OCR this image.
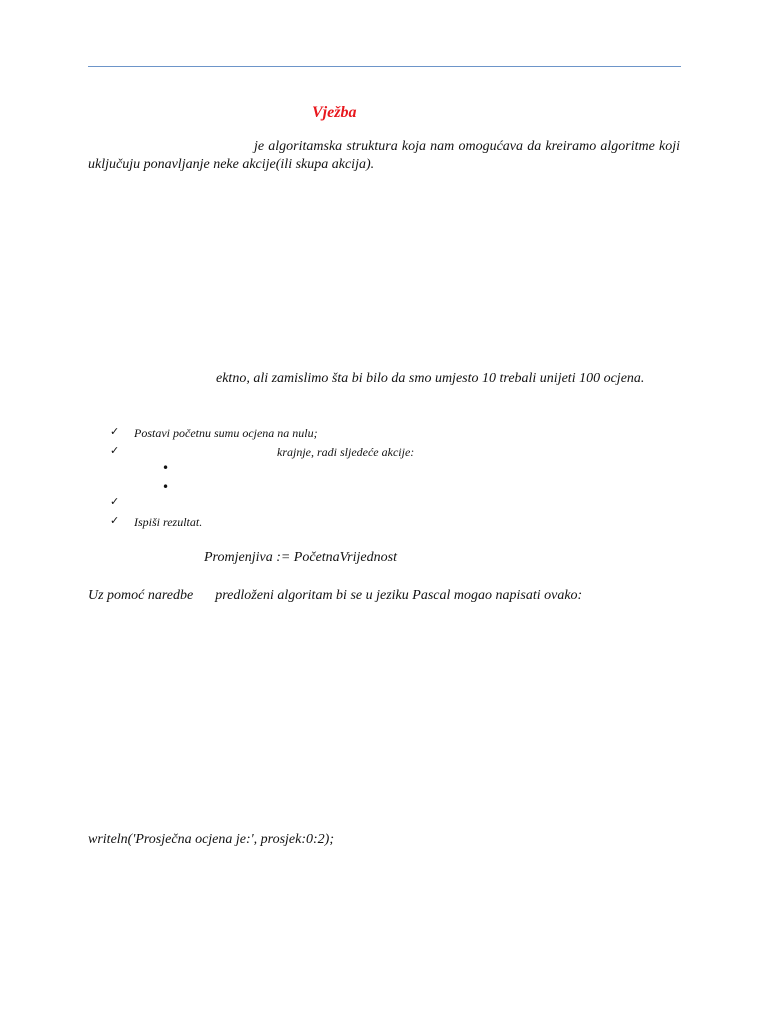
Vježba
je algoritamska struktura koja nam omogućava da kreiramo algoritme koji uključuju ponavljanje neke akcije(ili skupa akcija).
ektno, ali zamislimo šta bi bilo da smo umjesto 10 trebali unijeti 100 ocjena.
✓ Postavi početnu sumu ocjena na nulu;
✓	krajnje, radi sljedeće akcije:
✓
✓ Ispiši rezultat.
•
•
Promjenjiva := PočetnaVrijednost
Uz pomoć naredbe predloženi algoritam bi se u jeziku Pascal mogao napisati ovako:
writeln('Prosječna ocjena je:', prosjek:0:2);
